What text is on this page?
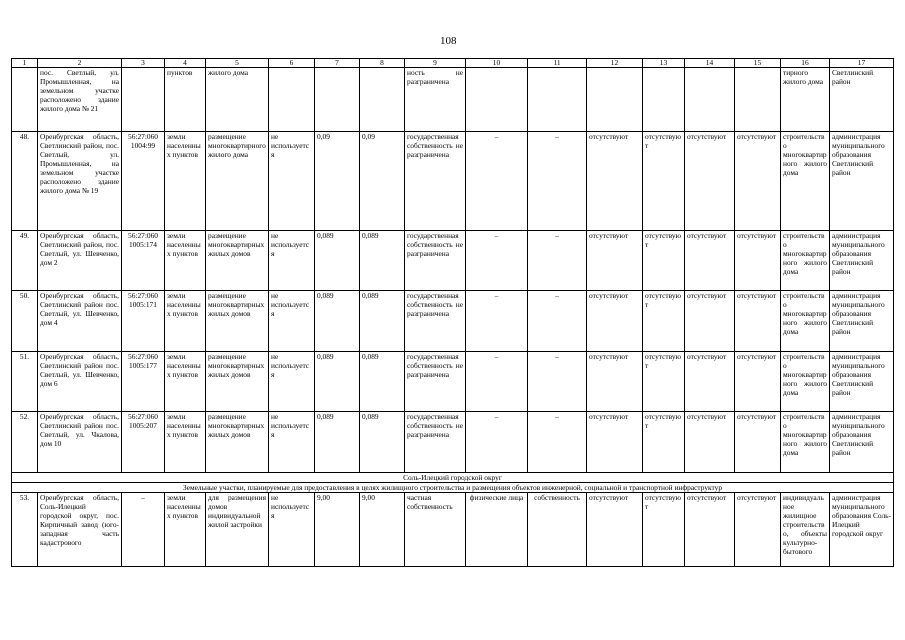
108
1	2	3	4	5	6	7	8	9	10	11	12	13	14	15	16	17
	пос. Светлый, ул. Промышленная, на земельном участке расположено здание жилого дома № 21		пунктов	жилого дома				ность не разграничена							тирного жилого дома	Светлинский район
48.	Оренбургская область, Светлинский район, пос. Светлый, ул. Промышленная, на земельном участке расположено здание жилого дома № 19	56:27:060 1004:99	земли населенных пунктов	размещение многоквартирного жилого дома	не используется	0,09	0,09	государственная собственность не разграничена	–	–	отсутствуют	отсутствуют	отсутствуют	отсутствуют	строительство многоквартирного жилого дома	администрация муниципального образования Светлинский район
49.	Оренбургская область, Светлинский район, пос. Светлый, ул. Шевченко, дом 2	56:27:060 1005:174	земли населенных пунктов	размещение многоквартирных жилых домов	не используется	0,089	0,089	государственная собственность не разграничена	–	–	отсутствуют	отсутствуют	отсутствуют	отсутствуют	строительство многоквартирного жилого дома	администрация муниципального образования Светлинский район
50.	Оренбургская область, Светлинский район пос. Светлый, ул. Шевченко, дом 4	56:27:060 1005:171	земли населенных пунктов	размещение многоквартирных жилых домов	не используется	0,089	0,089	государственная собственность не разграничена	–	–	отсутствуют	отсутствуют	отсутствуют	отсутствуют	строительство многоквартирного жилого дома	администрация муниципального образования Светлинский район
51.	Оренбургская область, Светлинский район пос. Светлый, ул. Шевченко, дом 6	56:27:060 1005:177	земли населенных пунктов	размещение многоквартирных жилых домов	не используется	0,089	0,089	государственная собственность не разграничена	–	–	отсутствуют	отсутствуют	отсутствуют	отсутствуют	строительство многоквартирного жилого дома	администрация муниципального образования Светлинский район
52.	Оренбургская область, Светлинский район пос. Светлый, ул. Чкалова, дом 10	56:27:060 1005:207	земли населенных пунктов	размещение многоквартирных жилых домов	не используется	0,089	0,089	государственная собственность не разграничена	–	–	отсутствуют	отсутствуют	отсутствуют	отсутствуют	строительство многоквартирного жилого дома	администрация муниципального образования Светлинский район
Соль-Илецкий городской округ																
Земельные участки, планируемые для предоставления в целях жилищного строительства и размещения объектов инженерной, социальной и транспортной инфраструктур																
53.	Оренбургская область, Соль-Илецкий городской округ, пос. Кирпичный завод (юго-западная часть кадастрового	–	земли населенных пунктов	для размещения домов индивидуальной жилой застройки	не используется	9,00	9,00	частная собственность	физические лица	собственность	отсутствуют	отсутствуют	отсутствуют	отсутствуют	индивидуальное жилищное строительство, объекты культурно-бытового	администрация муниципального образования Соль-Илецкий городской округ
